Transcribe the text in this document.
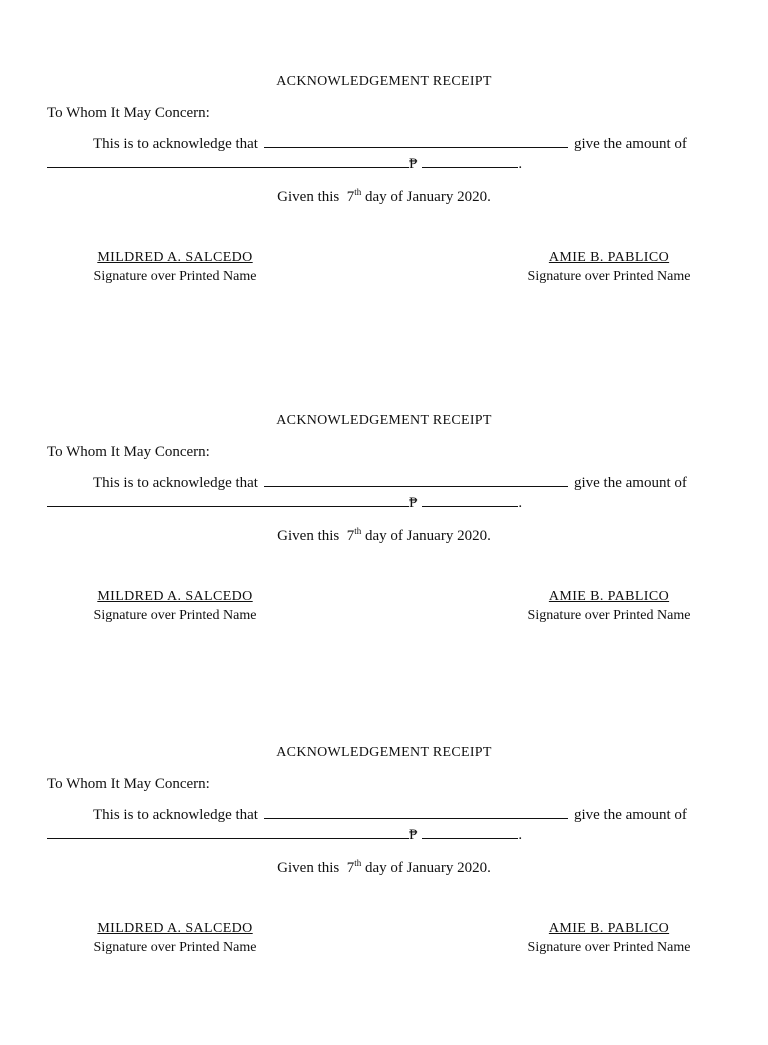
ACKNOWLEDGEMENT RECEIPT
To Whom It May Concern:
This is to acknowledge that	give the amount of
₱	.
Given this 7th day of January 2020.
MILDRED A. SALCEDO
Signature over Printed Name
AMIE B. PABLICO
Signature over Printed Name
ACKNOWLEDGEMENT RECEIPT
To Whom It May Concern:
This is to acknowledge that	give the amount of
₱	.
Given this 7th day of January 2020.
MILDRED A. SALCEDO
Signature over Printed Name
AMIE B. PABLICO
Signature over Printed Name
ACKNOWLEDGEMENT RECEIPT
To Whom It May Concern:
This is to acknowledge that	give the amount of
₱	.
Given this 7th day of January 2020.
MILDRED A. SALCEDO
Signature over Printed Name
AMIE B. PABLICO
Signature over Printed Name
